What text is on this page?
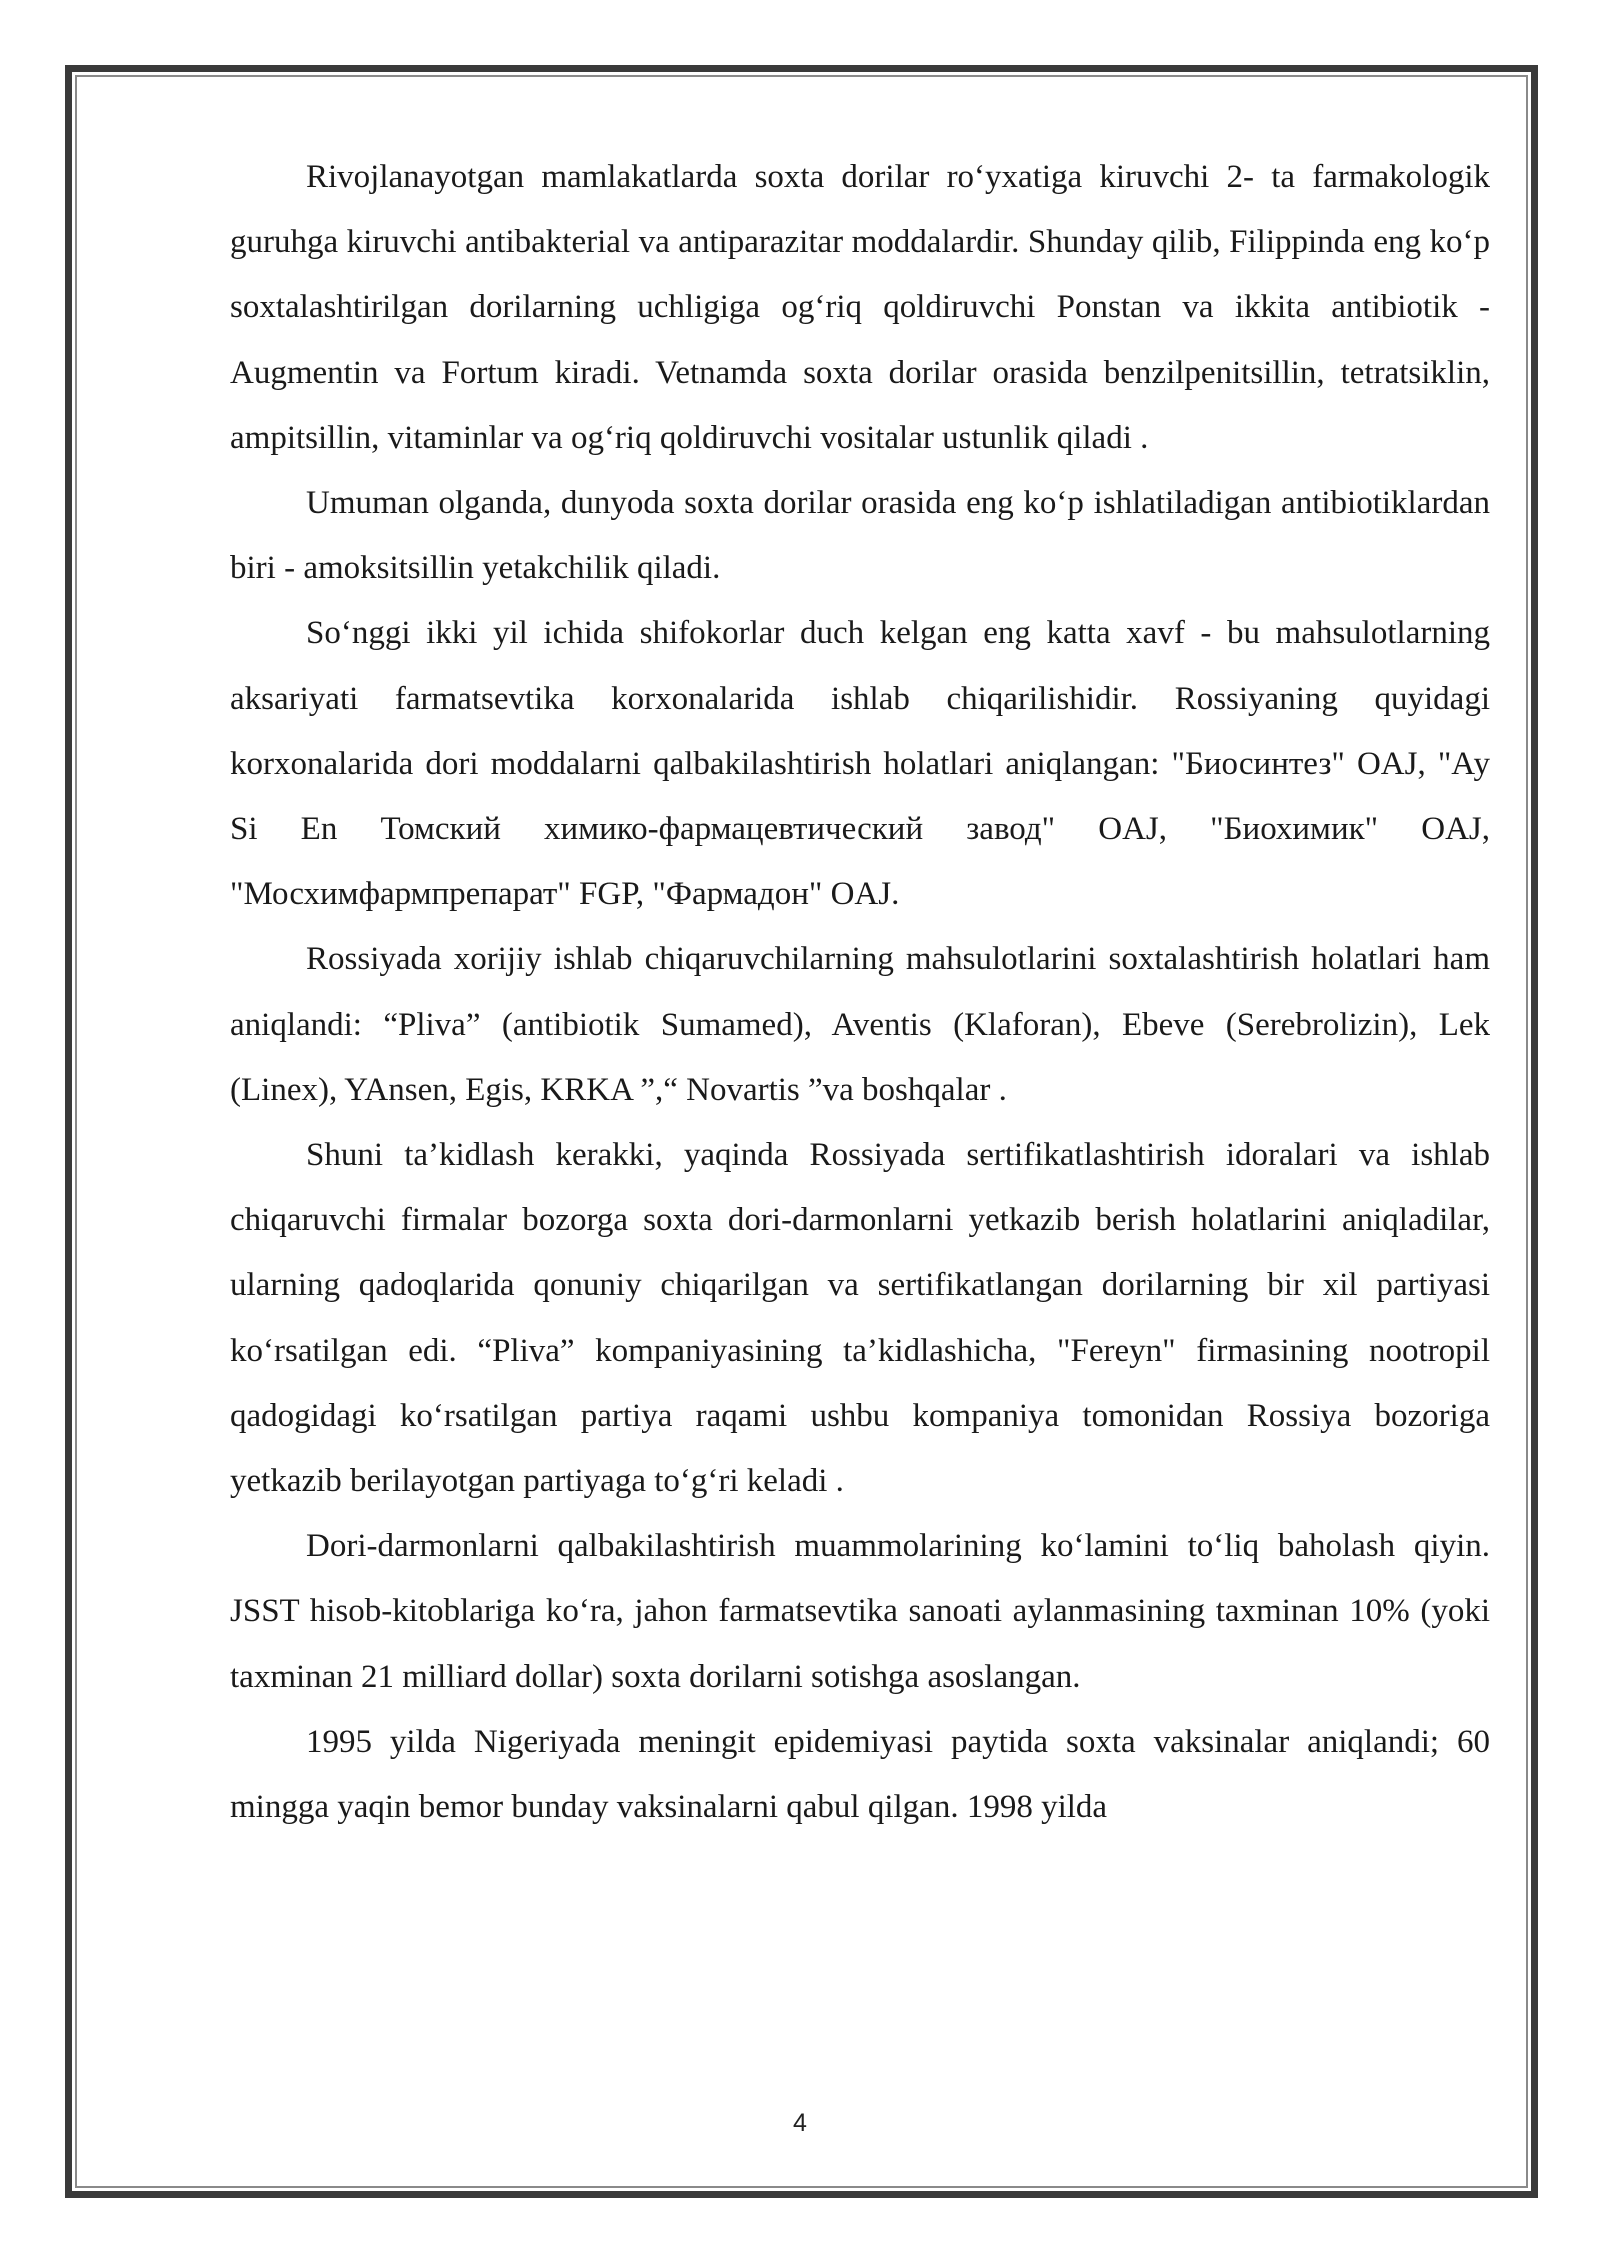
Rivojlanayotgan mamlakatlarda soxta dorilar ro‘yxatiga kiruvchi 2- ta farmakologik guruhga kiruvchi antibakterial va antiparazitar moddalardir. Shunday qilib, Filippinda eng ko‘p soxtalashtirilgan dorilarning uchligiga og‘riq qoldiruvchi Ponstan va ikkita antibiotik - Augmentin va Fortum kiradi. Vetnamda soxta dorilar orasida benzilpenitsillin, tetratsiklin, ampitsillin, vitaminlar va og‘riq qoldiruvchi vositalar ustunlik qiladi .

Umuman olganda, dunyoda soxta dorilar orasida eng ko‘p ishlatiladigan antibiotiklardan biri - amoksitsillin yetakchilik qiladi.

So‘nggi ikki yil ichida shifokorlar duch kelgan eng katta xavf - bu mahsulotlarning aksariyati farmatsevtika korxonalarida ishlab chiqarilishidir. Rossiyaning quyidagi korxonalarida dori moddalarni qalbakilashtirish holatlari aniqlangan: "Биосинтез" OAJ, "Ау Si En Томский химико-фармацевтический завод" OAJ, "Биохимик" OAJ, "Мосхимфармпрепарат" FGP, "Фармадон" OAJ.

Rossiyada xorijiy ishlab chiqaruvchilarning mahsulotlarini soxtalashtirish holatlari ham aniqlandi: “Pliva” (antibiotik Sumamed), Aventis (Klaforan), Ebeve (Serebrolizin), Lek (Linex), YAnsen, Egis, KRKA ”,“ Novartis ”va boshqalar .

Shuni ta’kidlash kerakki, yaqinda Rossiyada sertifikatlashtirish idoralari va ishlab chiqaruvchi firmalar bozorga soxta dori-darmonlarni yetkazib berish holatlarini aniqladilar, ularning qadoqlarida qonuniy chiqarilgan va sertifikatlangan dorilarning bir xil partiyasi ko‘rsatilgan edi. “Pliva” kompaniyasining ta’kidlashicha, "Fereyn" firmasining nootropil qadogidagi ko‘rsatilgan partiya raqami ushbu kompaniya tomonidan Rossiya bozoriga yetkazib berilayotgan partiyaga to‘g‘ri keladi .

Dori-darmonlarni qalbakilashtirish muammolarining ko‘lamini to‘liq baholash qiyin. JSST hisob-kitoblariga ko‘ra, jahon farmatsevtika sanoati aylanmasining taxminan 10% (yoki taxminan 21 milliard dollar) soxta dorilarni sotishga asoslangan.

1995 yilda Nigeriyada meningit epidemiyasi paytida soxta vaksinalar aniqlandi; 60 mingga yaqin bemor bunday vaksinalarni qabul qilgan. 1998 yilda

4
